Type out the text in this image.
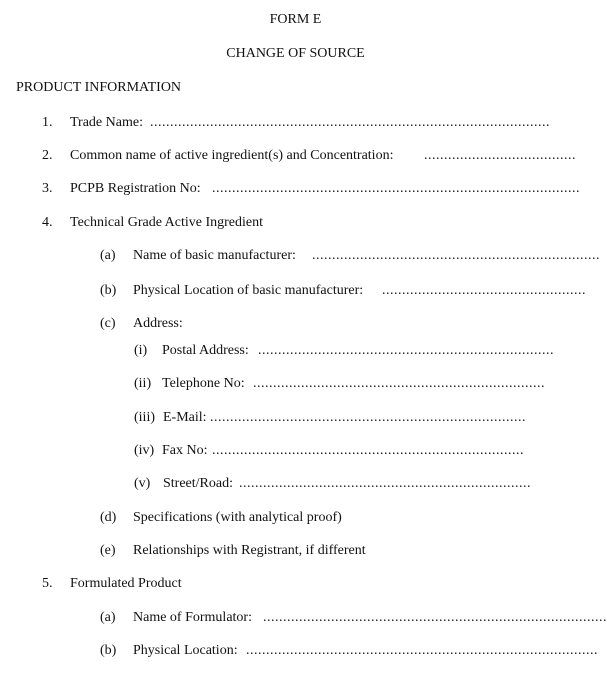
FORM E
CHANGE OF SOURCE
PRODUCT INFORMATION
1. Trade Name: ....................................................................................................
2. Common name of active ingredient(s) and Concentration: ......................................
3. PCPB Registration No: ............................................................................................
4. Technical Grade Active Ingredient
(a) Name of basic manufacturer: ........................................................................
(b) Physical Location of basic manufacturer: ...................................................
(c) Address:
(i) Postal Address: ..........................................................................
(ii) Telephone No: .........................................................................
(iii) E-Mail: ...............................................................................
(iv) Fax No: ..............................................................................
(v) Street/Road: .........................................................................
(d) Specifications (with analytical proof)
(e) Relationships with Registrant, if different
5. Formulated Product
(a) Name of Formulator: ......................................................................................
(b) Physical Location: ........................................................................................
